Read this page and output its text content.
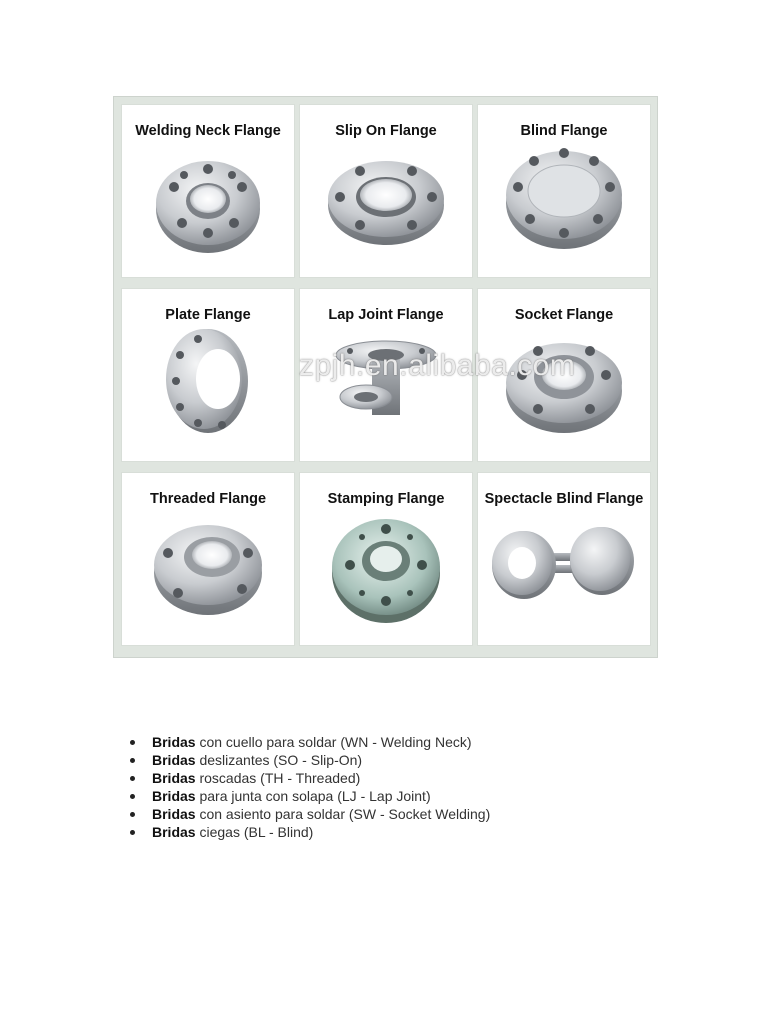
Welding Neck Flange	Slip On Flange	Blind Flange
Plate Flange	Lap Joint Flange	Socket Flange
Threaded Flange	Stamping Flange	Spectacle Blind Flange
zpjh.en.alibaba.com
Bridas con cuello para soldar (WN - Welding Neck)
Bridas deslizantes (SO - Slip-On)
Bridas roscadas (TH - Threaded)
Bridas para junta con solapa (LJ - Lap Joint)
Bridas con asiento para soldar (SW - Socket Welding)
Bridas ciegas (BL - Blind)
